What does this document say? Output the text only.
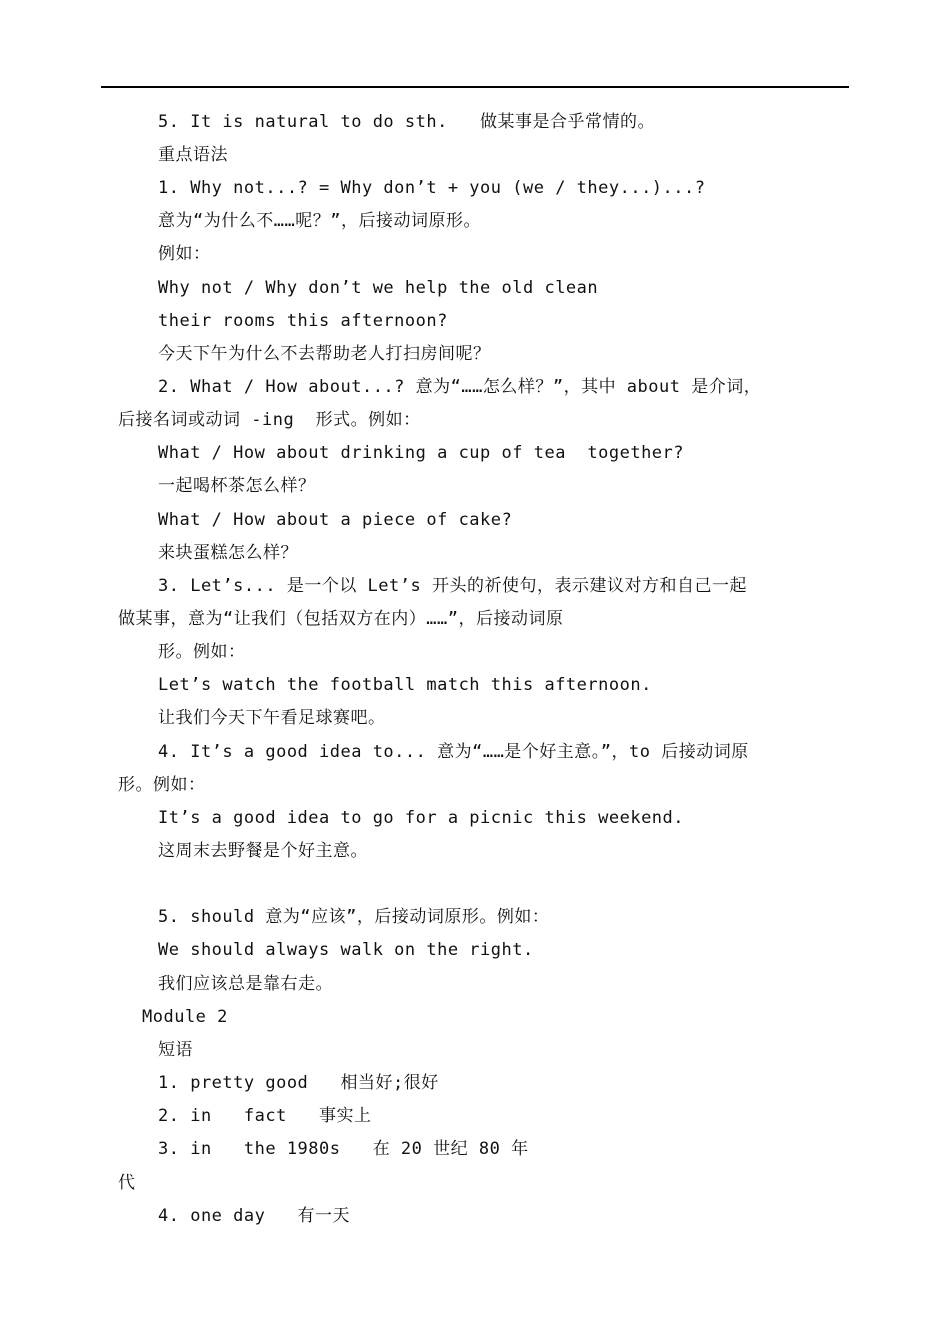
5. It is natural to do sth.   做某事是合乎常情的。
重点语法
1. Why not...? = Why don’t + you (we / they...)...?
意为“为什么不……呢？”，后接动词原形。
例如：
Why not / Why don’t we help the old clean
their rooms this afternoon?
今天下午为什么不去帮助老人打扫房间呢？
2. What / How about...? 意为“……怎么样？”，其中 about 是介词，
后接名词或动词 -ing  形式。例如：
What / How about drinking a cup of tea  together?
一起喝杯茶怎么样？
What / How about a piece of cake?
来块蛋糕怎么样？
3. Let’s... 是一个以 Let’s 开头的祈使句，表示建议对方和自己一起
做某事，意为“让我们（包括双方在内）……”，后接动词原
形。例如：
Let’s watch the football match this afternoon.
让我们今天下午看足球赛吧。
4. It’s a good idea to... 意为“……是个好主意。”，to 后接动词原
形。例如：
It’s a good idea to go for a picnic this weekend.
这周末去野餐是个好主意。
5. should 意为“应该”，后接动词原形。例如：
We should always walk on the right.
我们应该总是靠右走。
Module 2
短语
1. pretty good   相当好;很好
2. in   fact   事实上
3. in   the 1980s   在 20 世纪 80 年
代
4. one day   有一天
